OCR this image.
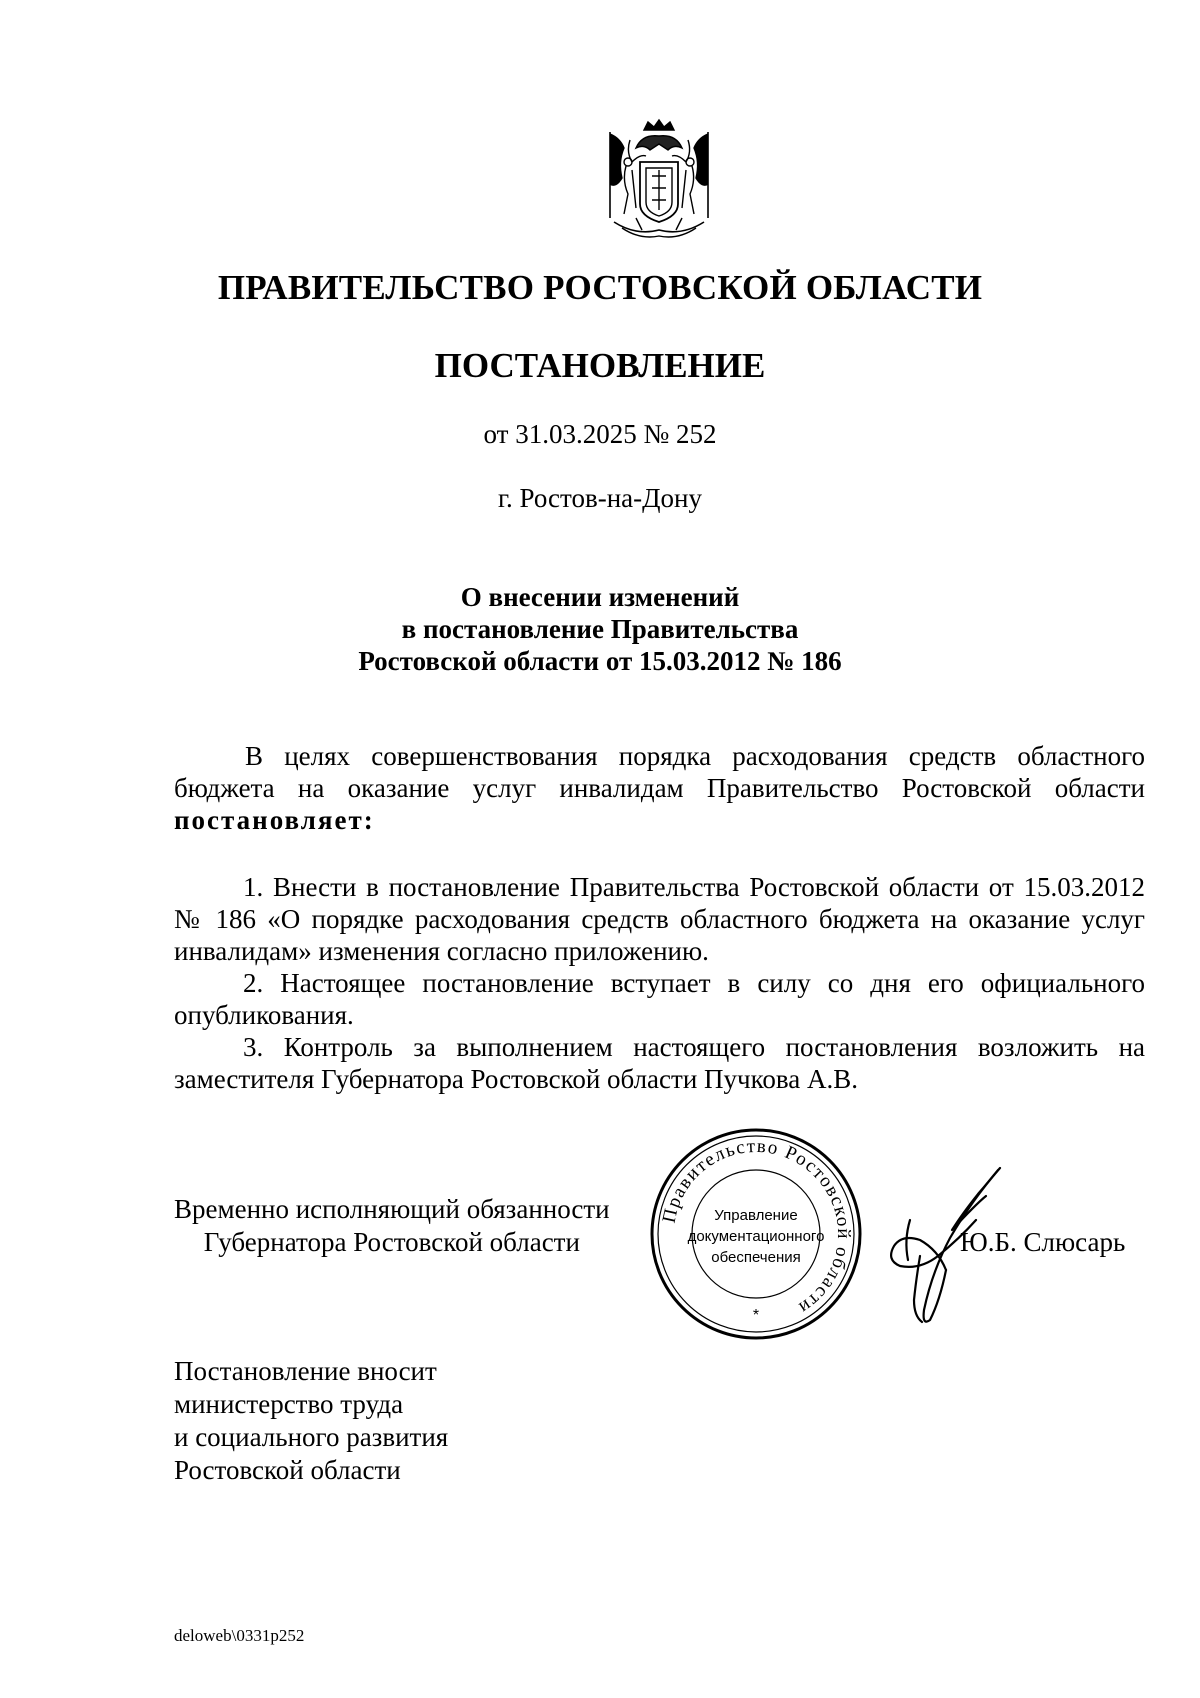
ПРАВИТЕЛЬСТВО РОСТОВСКОЙ ОБЛАСТИ
ПОСТАНОВЛЕНИЕ
от 31.03.2025 № 252
г. Ростов-на-Дону
О внесении изменений
в постановление Правительства
Ростовской области от 15.03.2012 № 186

В целях совершенствования порядка расходования средств областного бюджета на оказание услуг инвалидам Правительство Ростовской области постановляет:

1. Внести в постановление Правительства Ростовской области от 15.03.2012 № 186 «О порядке расходования средств областного бюджета на оказание услуг инвалидам» изменения согласно приложению.

2. Настоящее постановление вступает в силу со дня его официального опубликования.

3. Контроль за выполнением настоящего постановления возложить на заместителя Губернатора Ростовской области Пучкова А.В.

Временно исполняющий обязанности
Губернатора Ростовской области
Правительство Ростовской области
Управление
документационного
обеспечения
*
Ю.Б. Слюсарь
Постановление вносит
министерство труда
и социального развития
Ростовской области
deloweb\0331p252
